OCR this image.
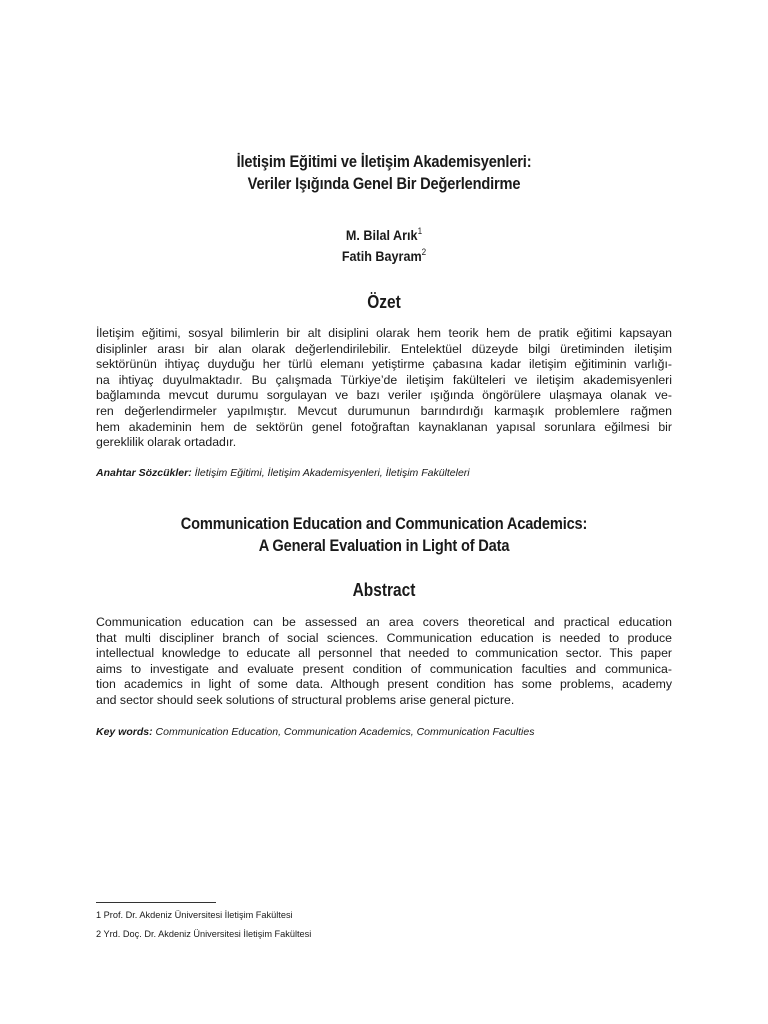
İletişim Eğitimi ve İletişim Akademisyenleri:
Veriler Işığında Genel Bir Değerlendirme
M. Bilal Arık$^1$
Fatih Bayram$^2$
Özet
İletişim eğitimi, sosyal bilimlerin bir alt disiplini olarak hem teorik hem de pratik eğitimi kapsayan
disiplinler arası bir alan olarak değerlendirilebilir. Entelektüel düzeyde bilgi üretiminden iletişim
sektörünün ihtiyaç duyduğu her türlü elemanı yetiştirme çabasına kadar iletişim eğitiminin varlığı-
na ihtiyaç duyulmaktadır. Bu çalışmada Türkiye’de iletişim fakülteleri ve iletişim akademisyenleri
bağlamında mevcut durumu sorgulayan ve bazı veriler ışığında öngörülere ulaşmaya olanak ve-
ren değerlendirmeler yapılmıştır. Mevcut durumunun barındırdığı karmaşık problemlere rağmen
hem akademinin hem de sektörün genel fotoğraftan kaynaklanan yapısal sorunlara eğilmesi bir
gereklilik olarak ortadadır.
Anahtar Sözcükler: İletişim Eğitimi, İletişim Akademisyenleri, İletişim Fakülteleri
Communication Education and Communication Academics:
A General Evaluation in Light of Data
Abstract
Communication education can be assessed an area covers theoretical and practical education
that multi discipliner branch of social sciences. Communication education is needed to produce
intellectual knowledge to educate all personnel that needed to communication sector. This paper
aims to investigate and evaluate present condition of communication faculties and communica-
tion academics in light of some data. Although present condition has some problems, academy
and sector should seek solutions of structural problems arise general picture.
Key words: Communication Education, Communication Academics, Communication Faculties
1 Prof. Dr. Akdeniz Üniversitesi İletişim Fakültesi
2 Yrd. Doç. Dr. Akdeniz Üniversitesi İletişim Fakültesi
